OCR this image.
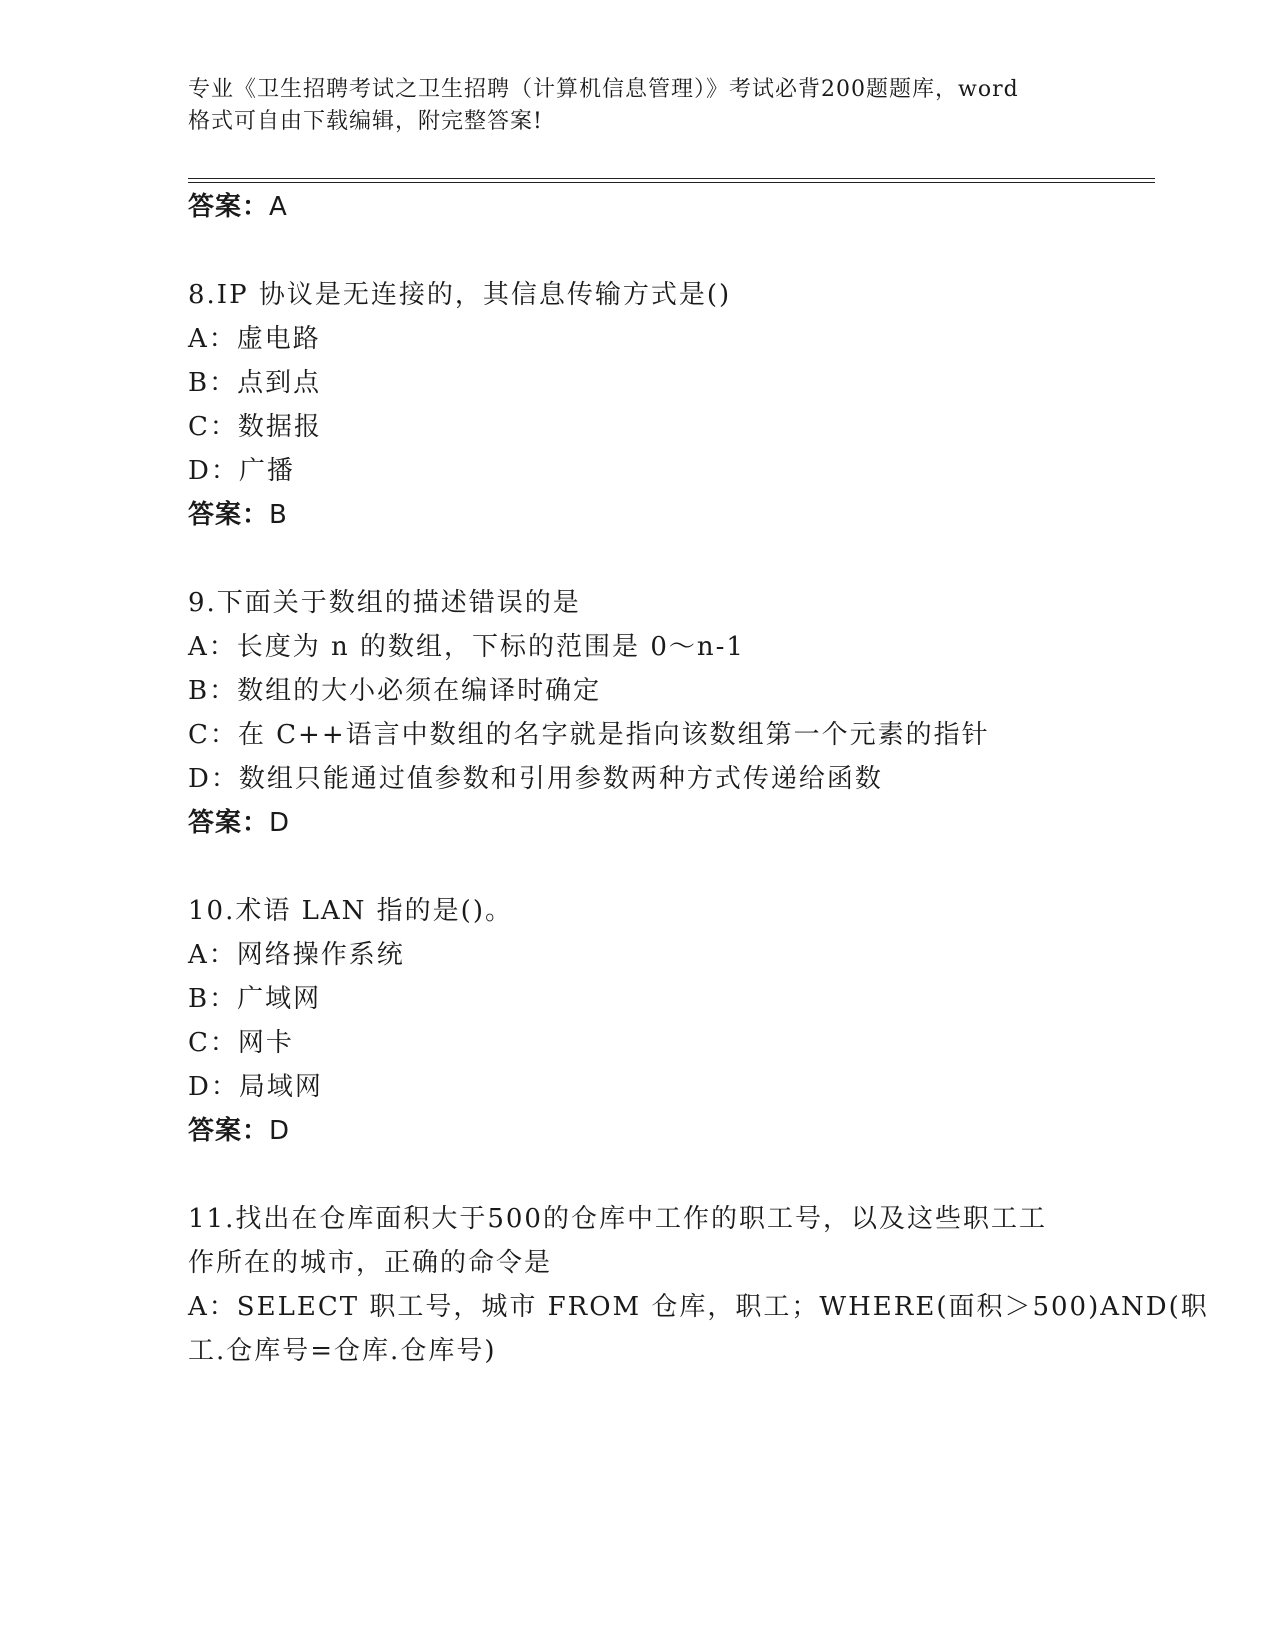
专业《卫生招聘考试之卫生招聘（计算机信息管理）》考试必背200题题库，word
格式可自由下载编辑，附完整答案!
答案：A
8.IP 协议是无连接的，其信息传输方式是()
A：虚电路
B：点到点
C：数据报
D：广播
答案：B
9.下面关于数组的描述错误的是
A：长度为 n 的数组，下标的范围是 0～n-1
B：数组的大小必须在编译时确定
C：在 C++语言中数组的名字就是指向该数组第一个元素的指针
D：数组只能通过值参数和引用参数两种方式传递给函数
答案：D
10.术语 LAN 指的是()。
A：网络操作系统
B：广域网
C：网卡
D：局域网
答案：D
11.找出在仓库面积大于500的仓库中工作的职工号，以及这些职工工
作所在的城市，正确的命令是
A：SELECT 职工号，城市 FROM 仓库，职工；WHERE(面积＞500)AND(职
工.仓库号=仓库.仓库号)
